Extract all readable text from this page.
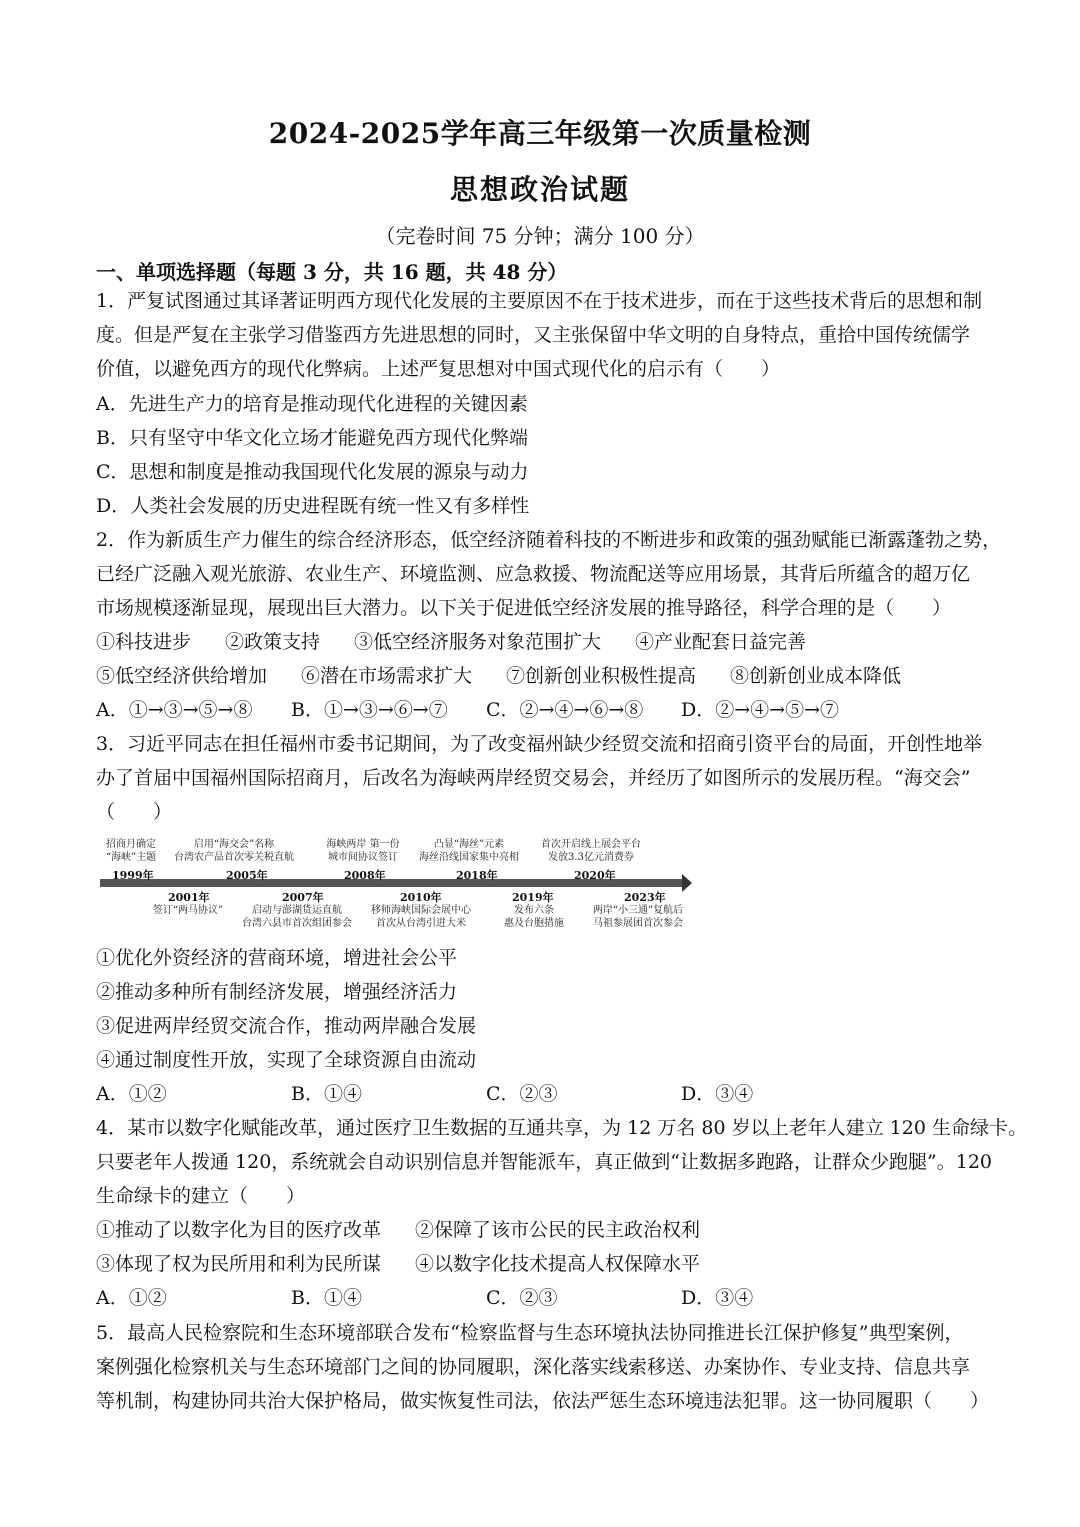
2024-2025学年高三年级第一次质量检测
思想政治试题
（完卷时间 75 分钟；满分 100 分）
一、单项选择题（每题 3 分，共 16 题，共 48 分）
1．严复试图通过其译著证明西方现代化发展的主要原因不在于技术进步，而在于这些技术背后的思想和制
度。但是严复在主张学习借鉴西方先进思想的同时，又主张保留中华文明的自身特点，重拾中国传统儒学
价值，以避免西方的现代化弊病。上述严复思想对中国式现代化的启示有（　　）
A．先进生产力的培育是推动现代化进程的关键因素
B．只有坚守中华文化立场才能避免西方现代化弊端
C．思想和制度是推动我国现代化发展的源泉与动力
D．人类社会发展的历史进程既有统一性又有多样性
2．作为新质生产力催生的综合经济形态，低空经济随着科技的不断进步和政策的强劲赋能已渐露蓬勃之势，
已经广泛融入观光旅游、农业生产、环境监测、应急救援、物流配送等应用场景，其背后所蕴含的超万亿
市场规模逐渐显现，展现出巨大潜力。以下关于促进低空经济发展的推导路径，科学合理的是（　　）
①科技进步 ②政策支持 ③低空经济服务对象范围扩大 ④产业配套日益完善
⑤低空经济供给增加 ⑥潜在市场需求扩大 ⑦创新创业积极性提高 ⑧创新创业成本降低
A．①→③→⑤→⑧	B．①→③→⑥→⑦	C．②→④→⑥→⑧	D．②→④→⑤→⑦
3．习近平同志在担任福州市委书记期间，为了改变福州缺少经贸交流和招商引资平台的局面，开创性地举
办了首届中国福州国际招商月，后改名为海峡两岸经贸交易会，并经历了如图所示的发展历程。“海交会”
（　　）
招商月确定
“海峡”主题
1999年
启用“海交会”名称
台湾农产品首次零关税直航
2005年
海峡两岸 第一份
城市间协议签订
2008年
凸显“海丝”元素
海丝沿线国家集中亮相
2018年
首次开启线上展会平台
发放3.3亿元消费券
2020年
2001年
签订“两马协议”
2007年
启动与澎湖货运直航
台湾六县市首次组团参会
2010年
移师海峡国际会展中心
首次从台湾引进大米
2019年
发布六条
惠及台胞措施
2023年
两岸“小三通”复航后
马祖参展团首次参会
①优化外资经济的营商环境，增进社会公平
②推动多种所有制经济发展，增强经济活力
③促进两岸经贸交流合作，推动两岸融合发展
④通过制度性开放，实现了全球资源自由流动
A．①②	B．①④	C．②③	D．③④
4．某市以数字化赋能改革，通过医疗卫生数据的互通共享，为 12 万名 80 岁以上老年人建立 120 生命绿卡。
只要老年人拨通 120，系统就会自动识别信息并智能派车，真正做到“让数据多跑路，让群众少跑腿”。120
生命绿卡的建立（　　）
①推动了以数字化为目的医疗改革 ②保障了该市公民的民主政治权利
③体现了权为民所用和利为民所谋 ④以数字化技术提高人权保障水平
A．①②	B．①④	C．②③	D．③④
5．最高人民检察院和生态环境部联合发布“检察监督与生态环境执法协同推进长江保护修复”典型案例，
案例强化检察机关与生态环境部门之间的协同履职，深化落实线索移送、办案协作、专业支持、信息共享
等机制，构建协同共治大保护格局，做实恢复性司法，依法严惩生态环境违法犯罪。这一协同履职（　　）
